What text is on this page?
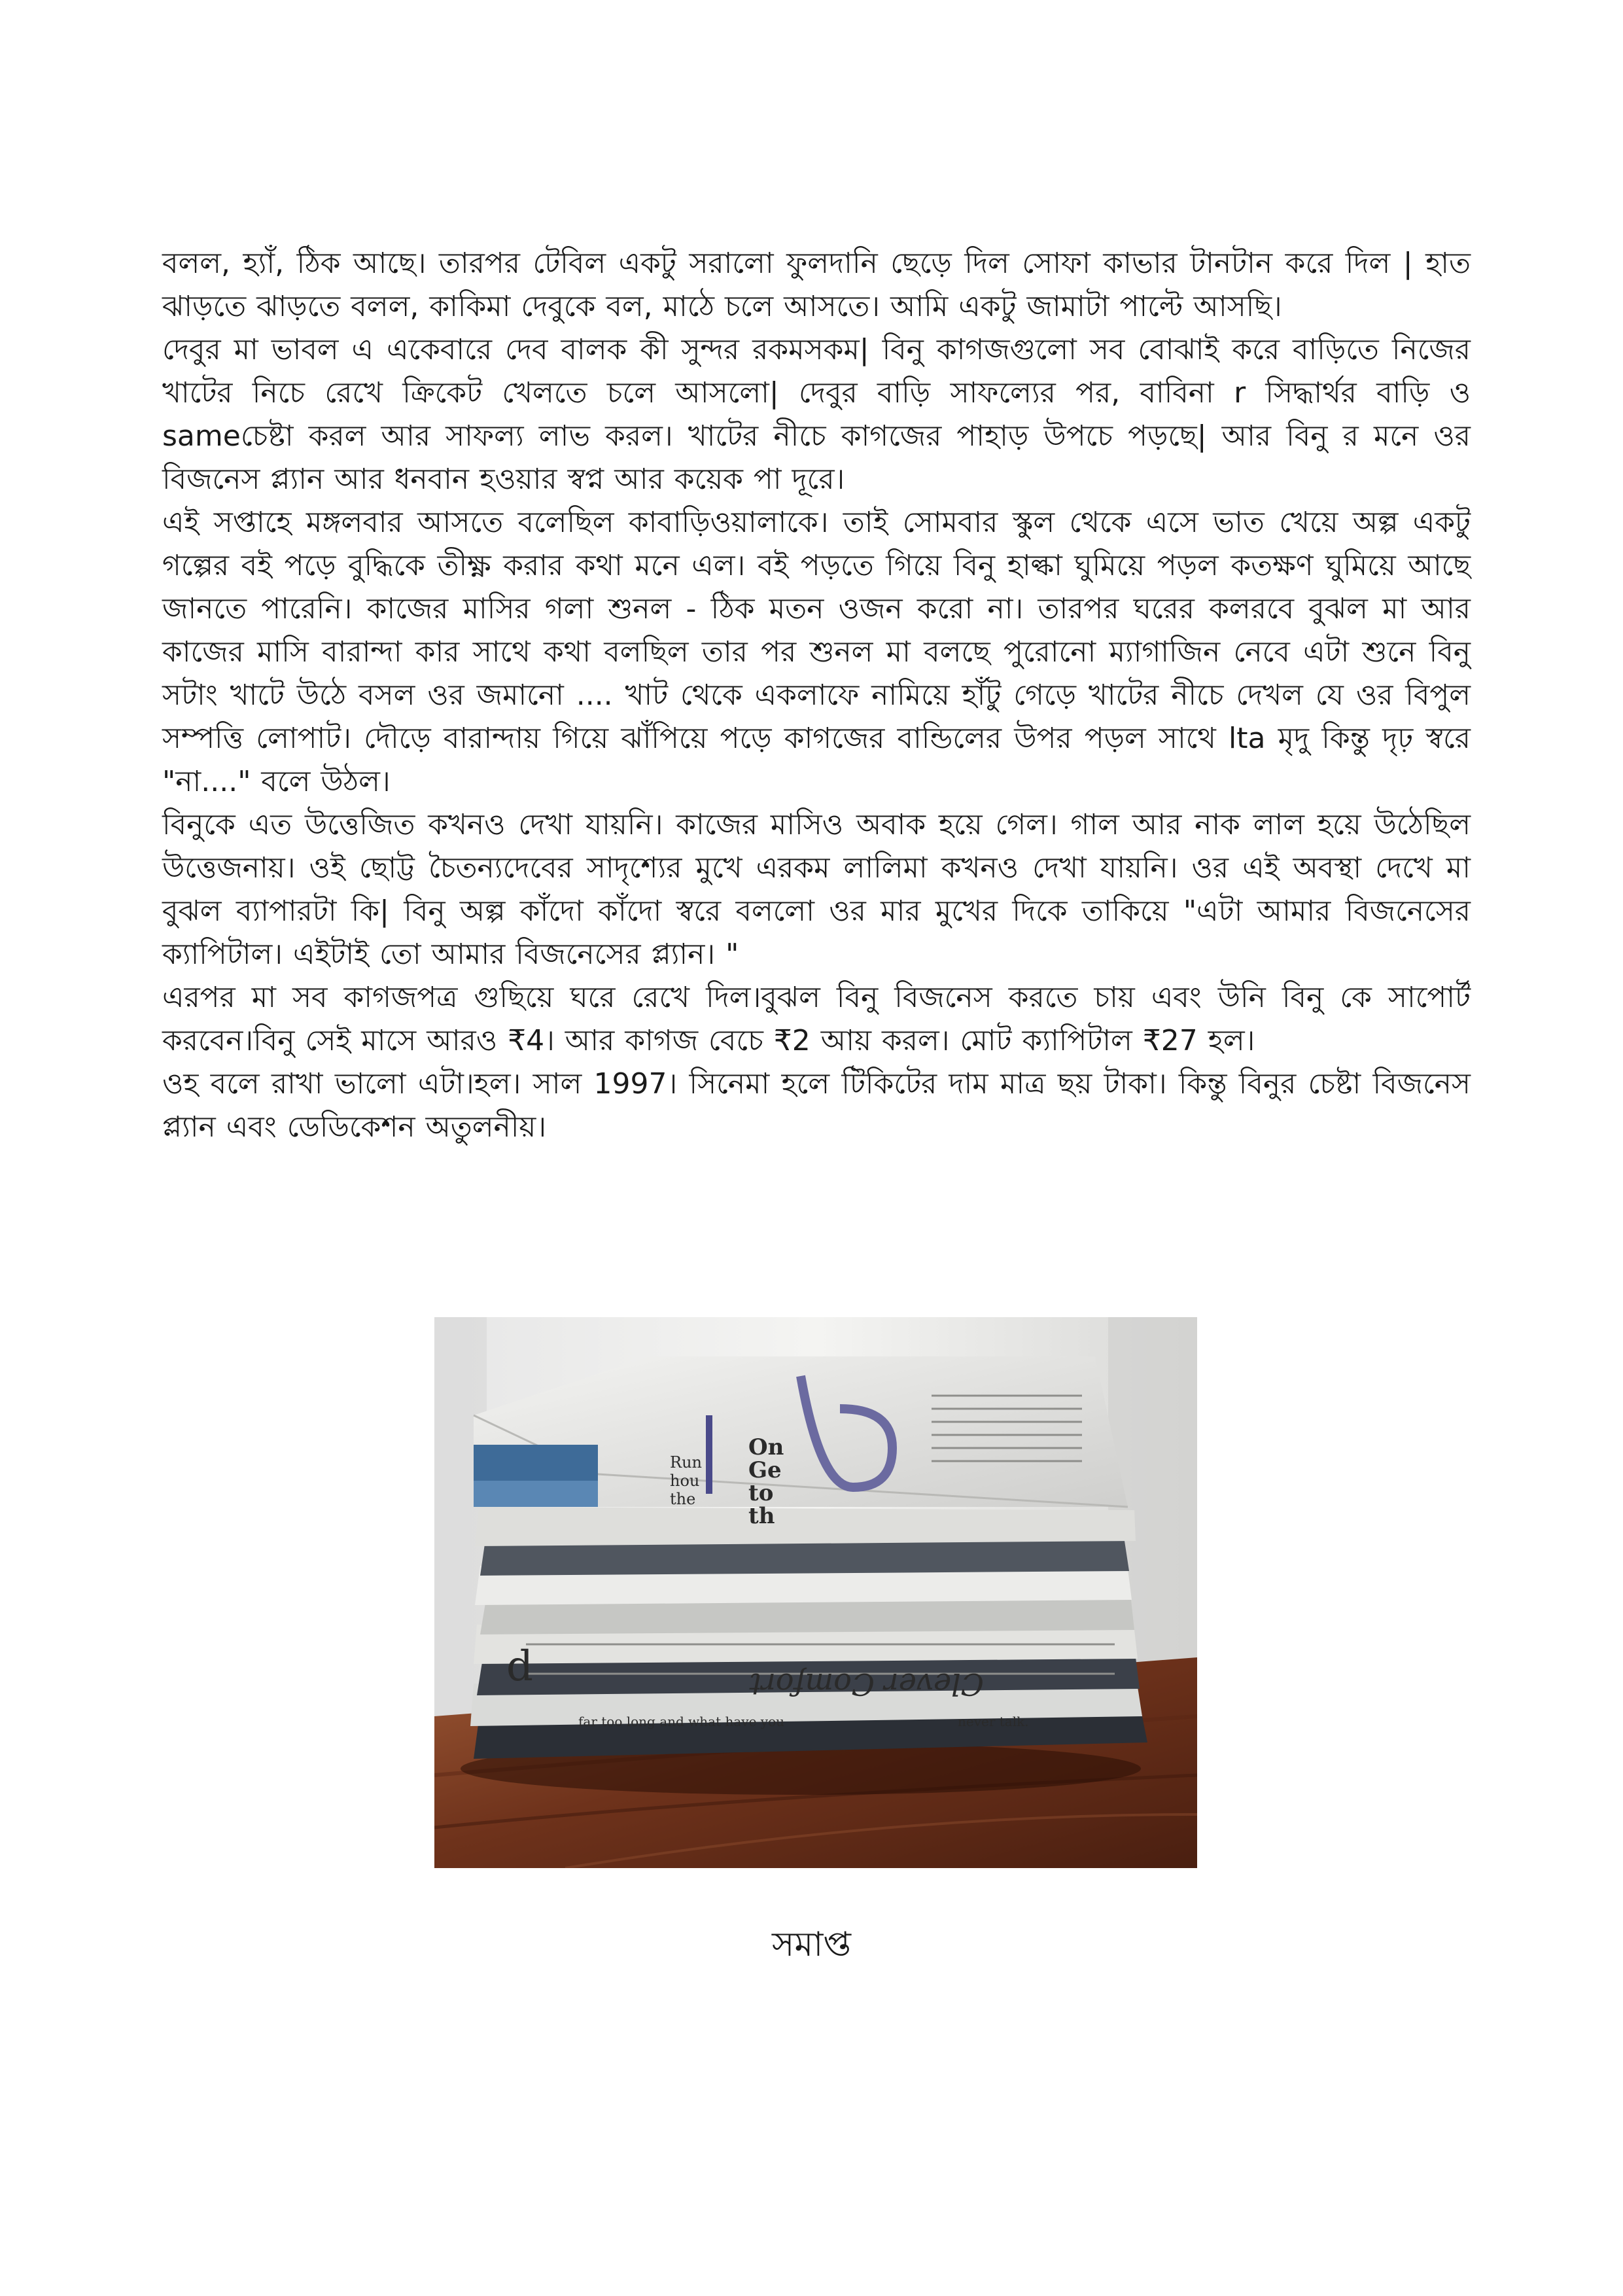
বলল, হ্যাঁ, ঠিক আছে। তারপর টেবিল একটু সরালো ফুলদানি ছেড়ে দিল সোফা কাভার টানটান করে দিল | হাত ঝাড়তে ঝাড়তে বলল, কাকিমা দেবুকে বল, মাঠে চলে আসতে। আমি একটু জামাটা পাল্টে আসছি।

দেবুর মা ভাবল এ একেবারে দেব বালক কী সুন্দর রকমসকম| বিনু কাগজগুলো সব বোঝাই করে বাড়িতে নিজের খাটের নিচে রেখে ক্রিকেট খেলতে চলে আসলো| দেবুর বাড়ি সাফল্যের পর, বাবিনা r সিদ্ধার্থর বাড়ি ও sameচেষ্টা করল আর সাফল্য লাভ করল। খাটের নীচে কাগজের পাহাড় উপচে পড়ছে| আর বিনু র মনে ওর বিজনেস প্ল্যান আর ধনবান হওয়ার স্বপ্ন আর কয়েক পা দূরে।

এই সপ্তাহে মঙ্গলবার আসতে বলেছিল কাবাড়িওয়ালাকে। তাই সোমবার স্কুল থেকে এসে ভাত খেয়ে অল্প একটু গল্পের বই পড়ে বুদ্ধিকে তীক্ষ্ণ করার কথা মনে এল। বই পড়তে গিয়ে বিনু হাল্কা ঘুমিয়ে পড়ল কতক্ষণ ঘুমিয়ে আছে জানতে পারেনি। কাজের মাসির গলা শুনল - ঠিক মতন ওজন করো না। তারপর ঘরের কলরবে বুঝল মা আর কাজের মাসি বারান্দা কার সাথে কথা বলছিল তার পর শুনল মা বলছে পুরোনো ম্যাগাজিন নেবে এটা শুনে বিনু সটাং খাটে উঠে বসল ওর জমানো .... খাট থেকে একলাফে নামিয়ে হাঁটু গেড়ে খাটের নীচে দেখল যে ওর বিপুল সম্পত্তি লোপাট। দৌড়ে বারান্দায় গিয়ে ঝাঁপিয়ে পড়ে কাগজের বান্ডিলের উপর পড়ল সাথে lta মৃদু কিন্তু দৃঢ় স্বরে "না...." বলে উঠল।

বিনুকে এত উত্তেজিত কখনও দেখা যায়নি। কাজের মাসিও অবাক হয়ে গেল। গাল আর নাক লাল হয়ে উঠেছিল উত্তেজনায়। ওই ছোট্ট চৈতন্যদেবের সাদৃশ্যের মুখে এরকম লালিমা কখনও দেখা যায়নি। ওর এই অবস্থা দেখে মা বুঝল ব্যাপারটা কি| বিনু অল্প কাঁদো কাঁদো স্বরে বললো ওর মার মুখের দিকে তাকিয়ে "এটা আমার বিজনেসের ক্যাপিটাল। এইটাই তো আমার বিজনেসের প্ল্যান। "

এরপর মা সব কাগজপত্র গুছিয়ে ঘরে রেখে দিল।বুঝল বিনু বিজনেস করতে চায় এবং উনি বিনু কে সাপোর্ট করবেন।বিনু সেই মাসে আরও ₹4। আর কাগজ বেচে ₹2 আয় করল। মোট ক্যাপিটাল ₹27 হল।

ওহ বলে রাখা ভালো এটা।হল। সাল 1997। সিনেমা হলে টিকিটের দাম মাত্র ছয় টাকা। কিন্তু বিনুর চেষ্টা বিজনেস প্ল্যান এবং ডেডিকেশন অতুলনীয়।

On
Ge
to
th
Run
hou
the
Clever Comfort
far too long and what have you	never talk.
d
সমাপ্ত
